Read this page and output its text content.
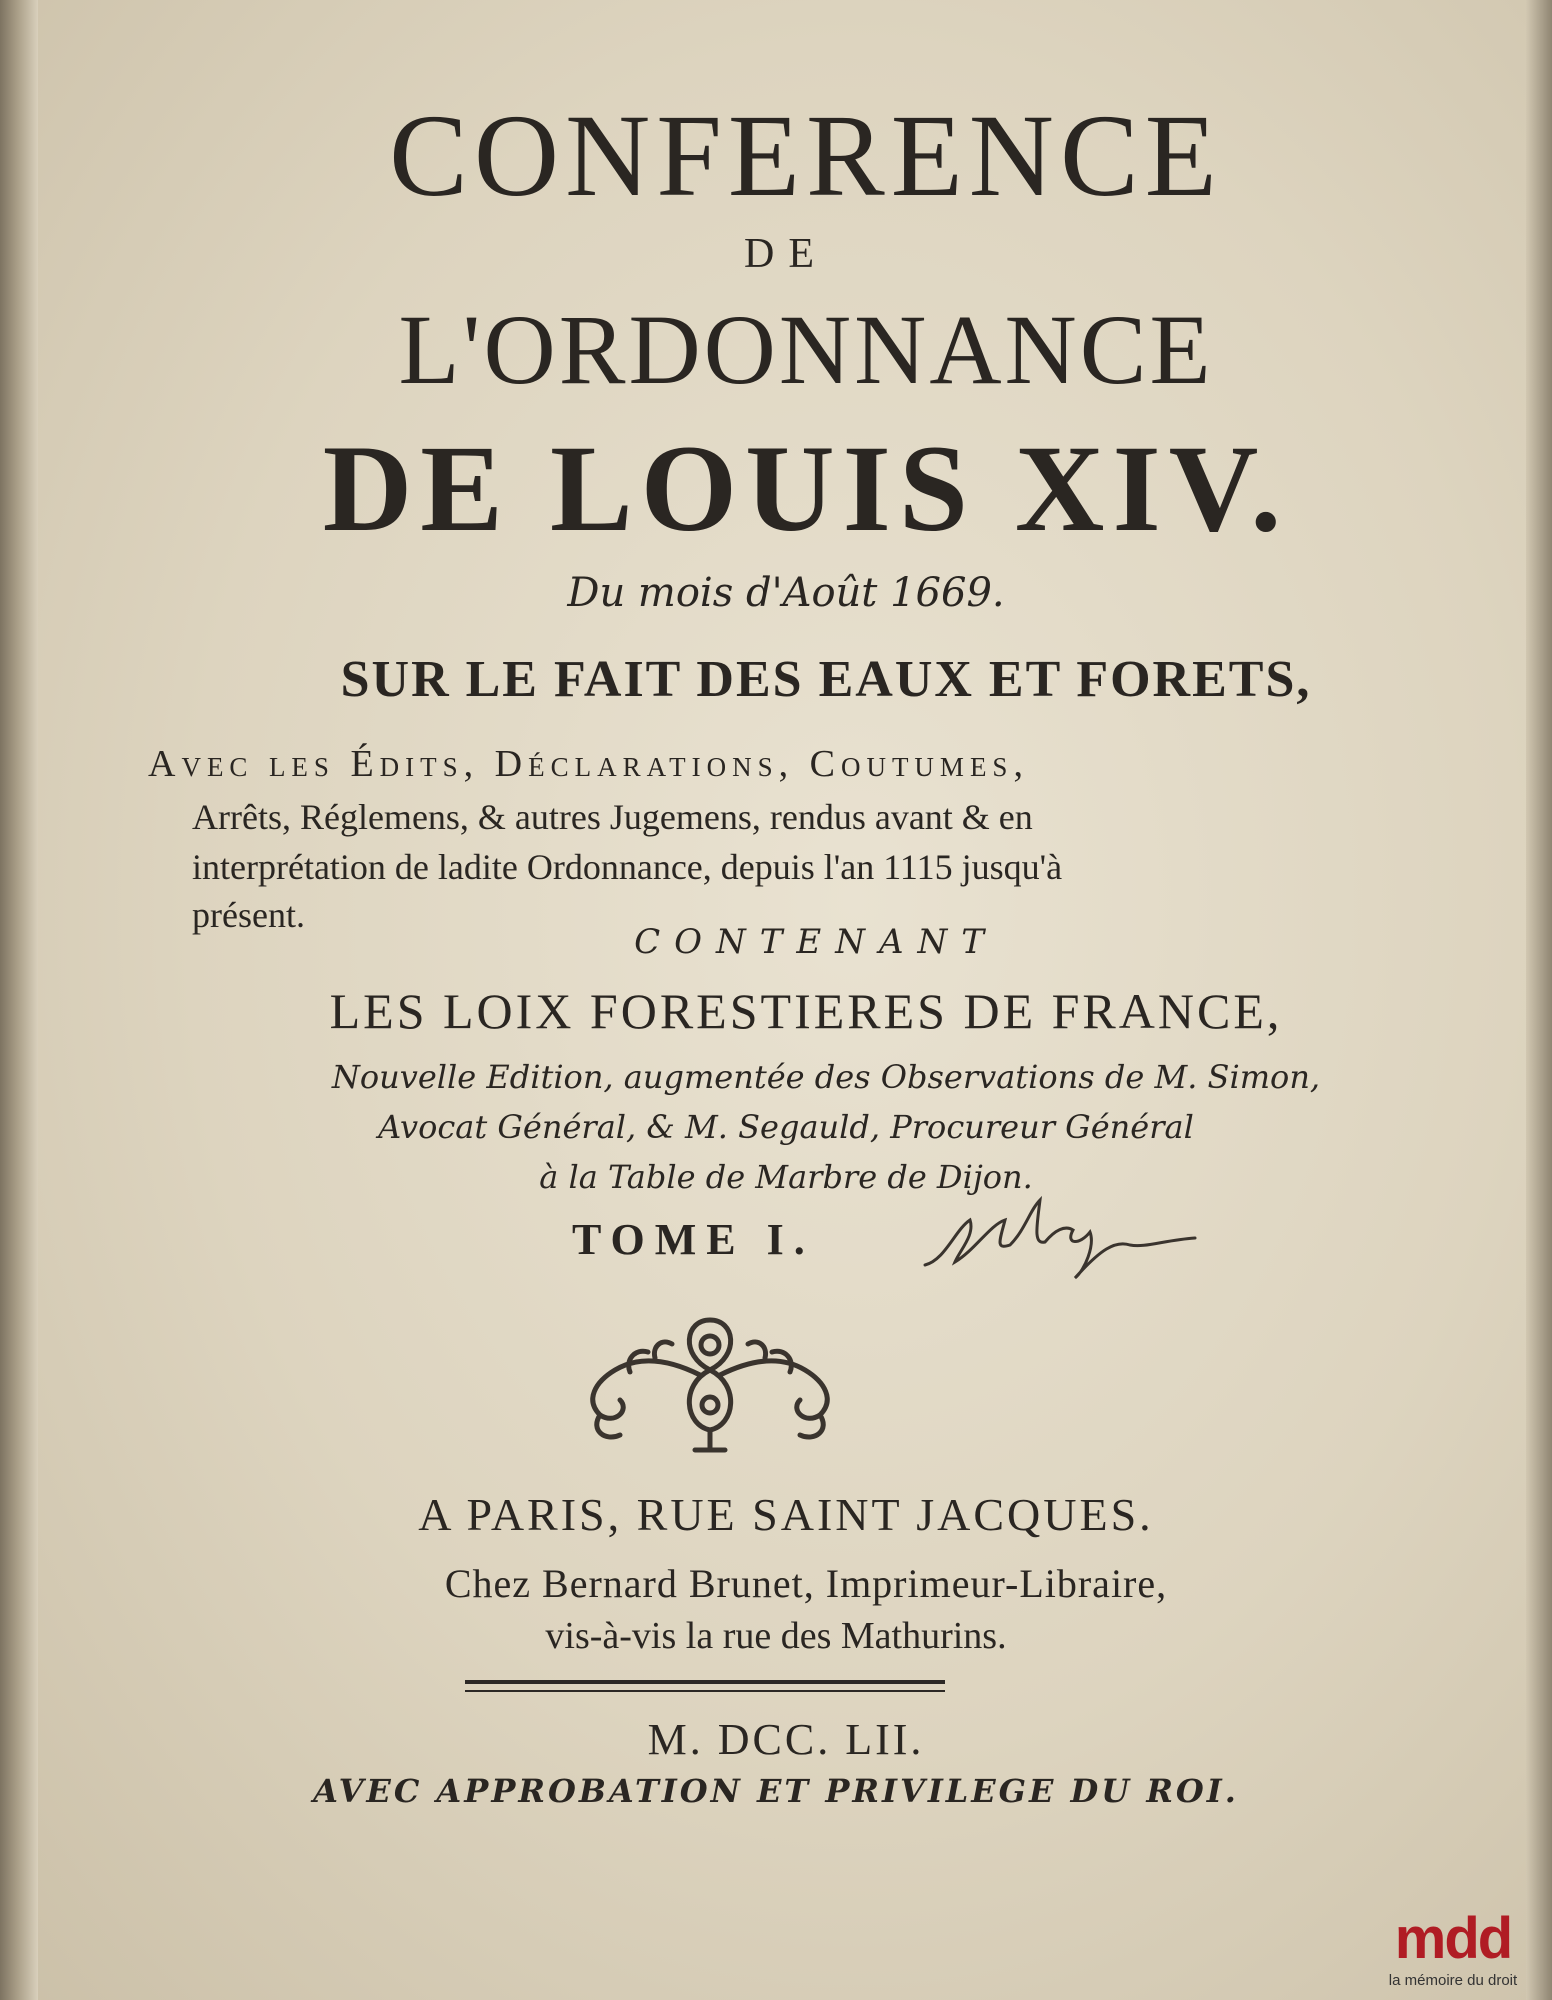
CONFERENCE
DE
L'ORDONNANCE
DE LOUIS XIV.
Du mois d'Août 1669.
SUR LE FAIT DES EAUX ET FORETS,
Avec les Édits, Déclarations, Coutumes,
Arrêts, Réglemens, & autres Jugemens, rendus avant & en
interprétation de ladite Ordonnance, depuis l'an 1115 jusqu'à
présent.
CONTENANT
LES LOIX FORESTIERES DE FRANCE,
Nouvelle Edition, augmentée des Observations de M. Simon,
Avocat Général, & M. Segauld, Procureur Général
à la Table de Marbre de Dijon.
TOME I.
A PARIS, RUE SAINT JACQUES.
Chez Bernard Brunet, Imprimeur-Libraire,
vis-à-vis la rue des Mathurins.
M. DCC. LII.
AVEC APPROBATION ET PRIVILEGE DU ROI.
mdd
la mémoire du droit
